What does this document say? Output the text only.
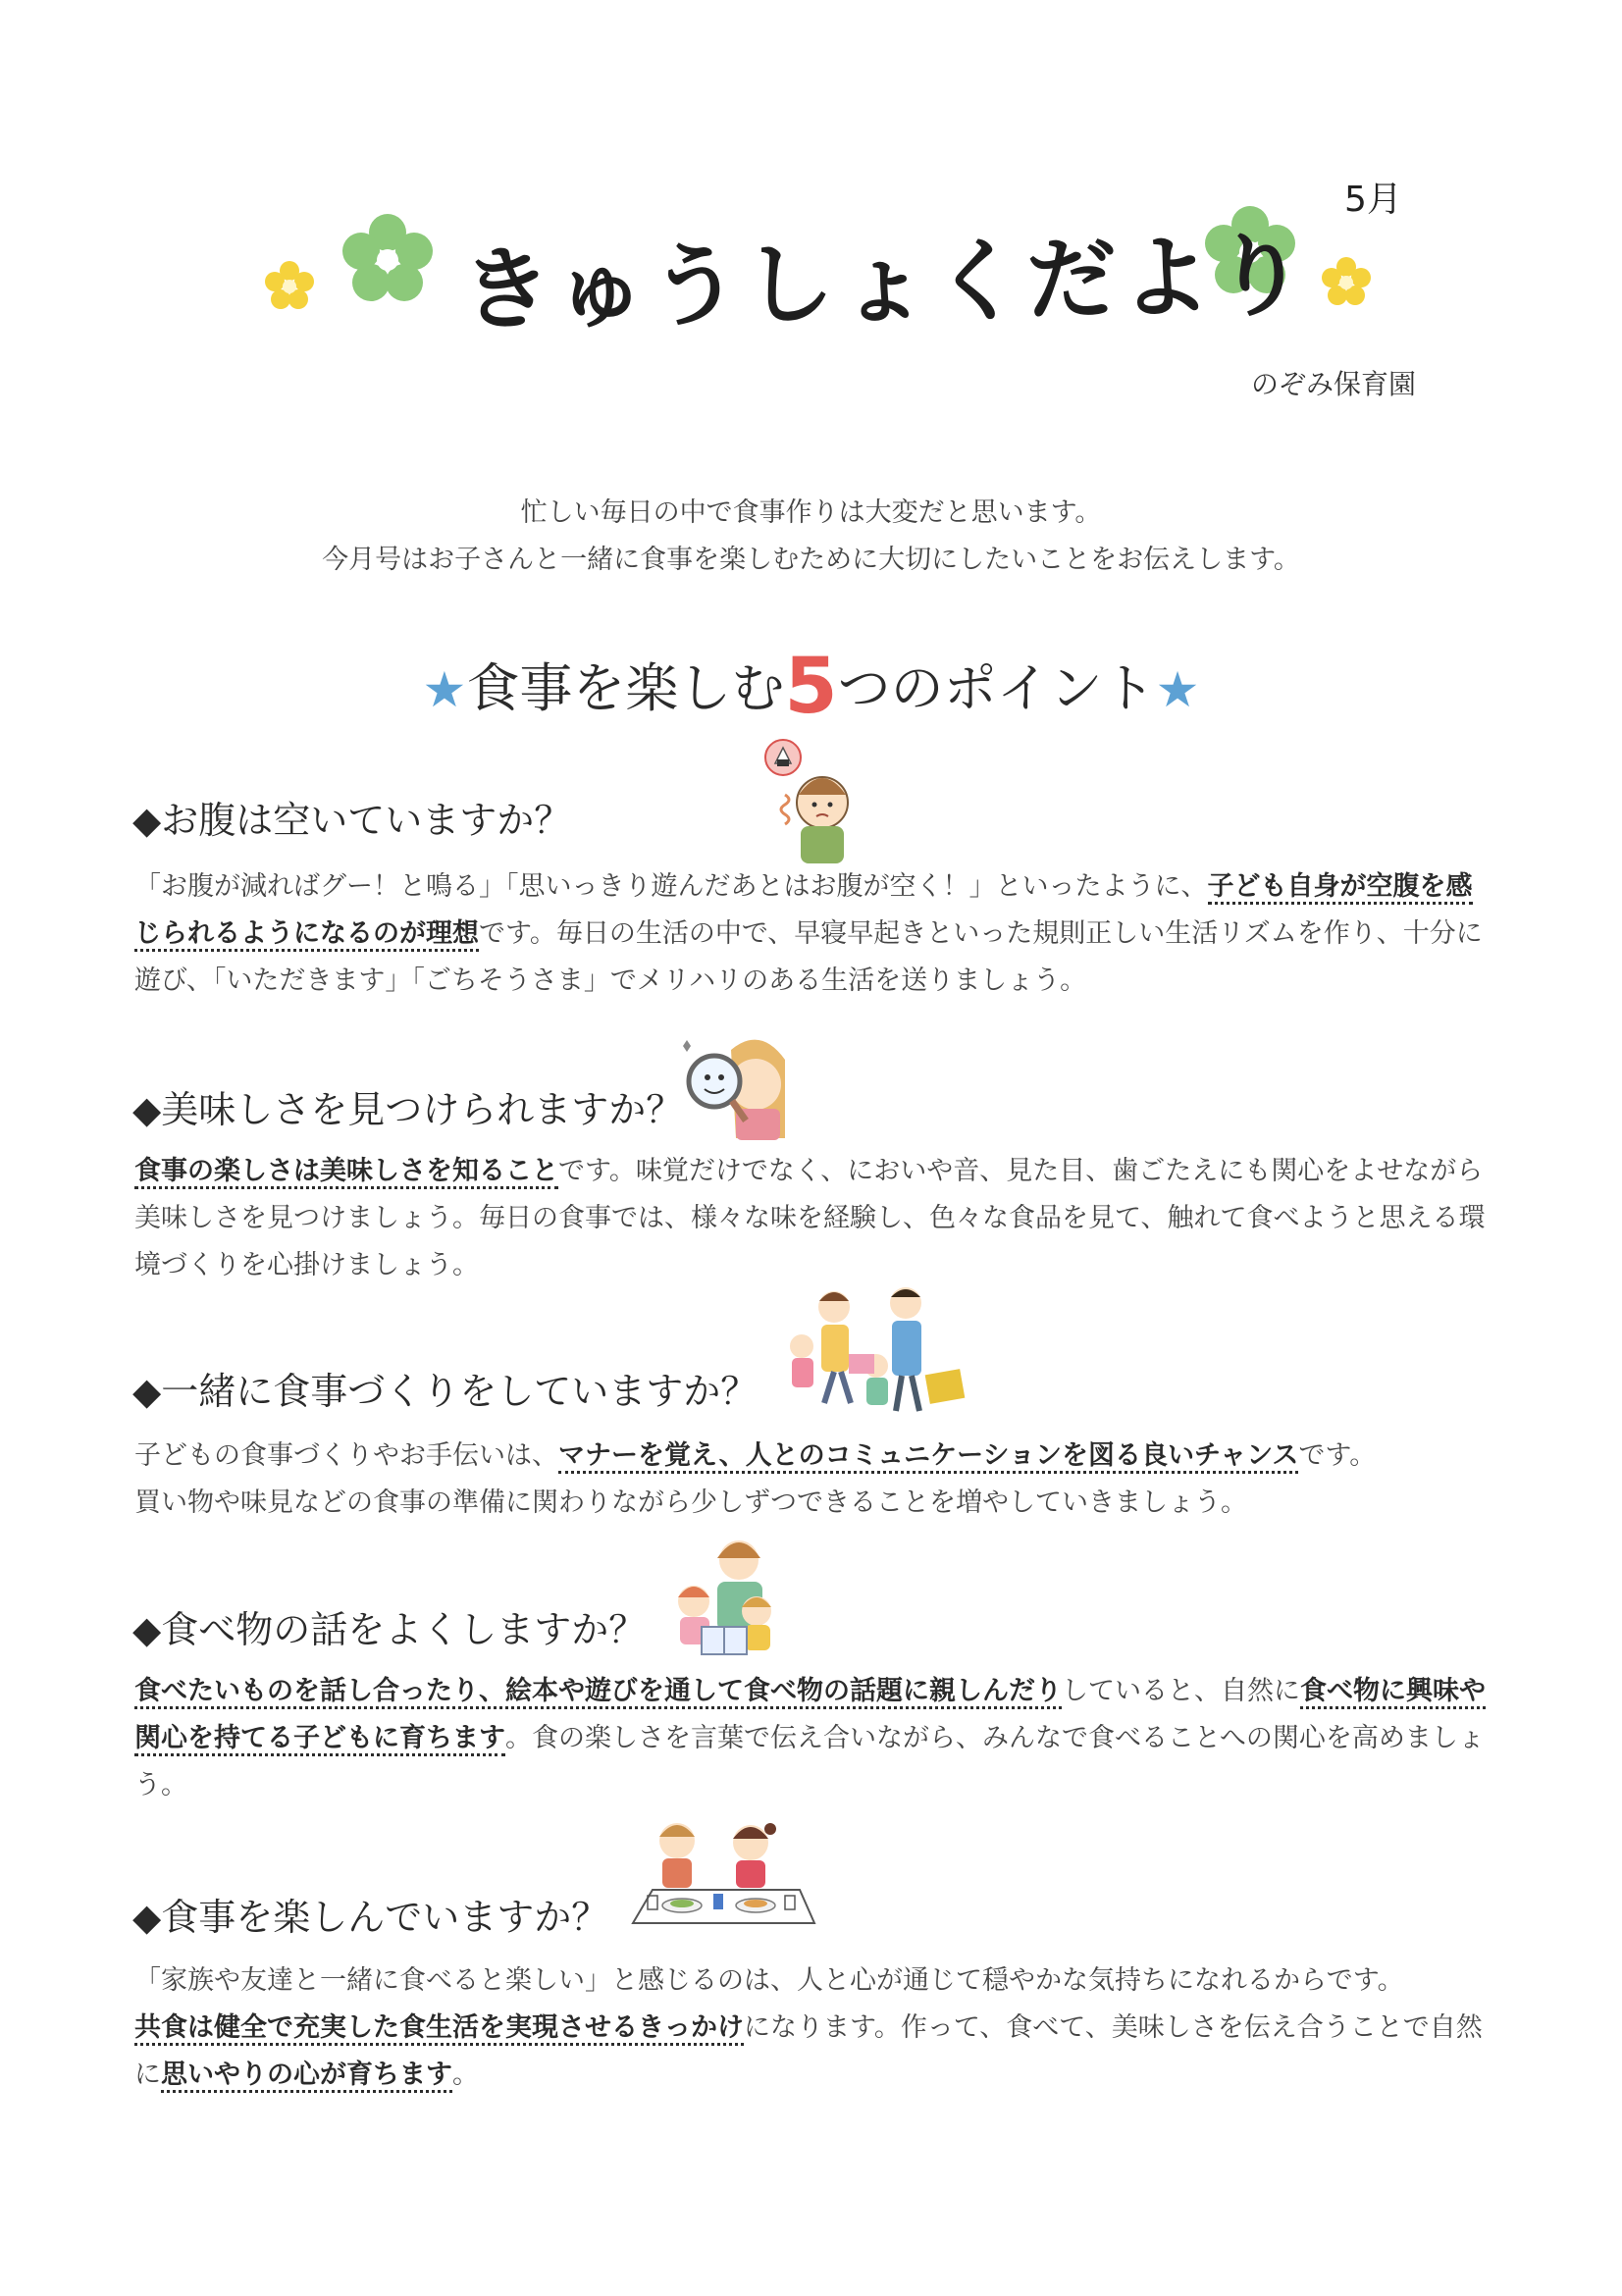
きゅうしょくだより
5月
のぞみ保育園
忙しい毎日の中で食事作りは大変だと思います。
今月号はお子さんと一緒に食事を楽しむために大切にしたいことをお伝えします。
★食事を楽しむ5つのポイント★
◆お腹は空いていますか？
「お腹が減ればグー！と鳴る」「思いっきり遊んだあとはお腹が空く！」といったように、子ども自身が空腹を感じられるようになるのが理想です。毎日の生活の中で、早寝早起きといった規則正しい生活リズムを作り、十分に遊び、「いただきます」「ごちそうさま」でメリハリのある生活を送りましょう。
◆美味しさを見つけられますか？
食事の楽しさは美味しさを知ることです。味覚だけでなく、においや音、見た目、歯ごたえにも関心をよせながら美味しさを見つけましょう。毎日の食事では、様々な味を経験し、色々な食品を見て、触れて食べようと思える環境づくりを心掛けましょう。
◆一緒に食事づくりをしていますか？
子どもの食事づくりやお手伝いは、マナーを覚え、人とのコミュニケーションを図る良いチャンスです。
買い物や味見などの食事の準備に関わりながら少しずつできることを増やしていきましょう。
◆食べ物の話をよくしますか？
食べたいものを話し合ったり、絵本や遊びを通して食べ物の話題に親しんだりしていると、自然に食べ物に興味や関心を持てる子どもに育ちます。食の楽しさを言葉で伝え合いながら、みんなで食べることへの関心を高めましょう。
◆食事を楽しんでいますか？
「家族や友達と一緒に食べると楽しい」と感じるのは、人と心が通じて穏やかな気持ちになれるからです。
共食は健全で充実した食生活を実現させるきっかけになります。作って、食べて、美味しさを伝え合うことで自然に思いやりの心が育ちます。
